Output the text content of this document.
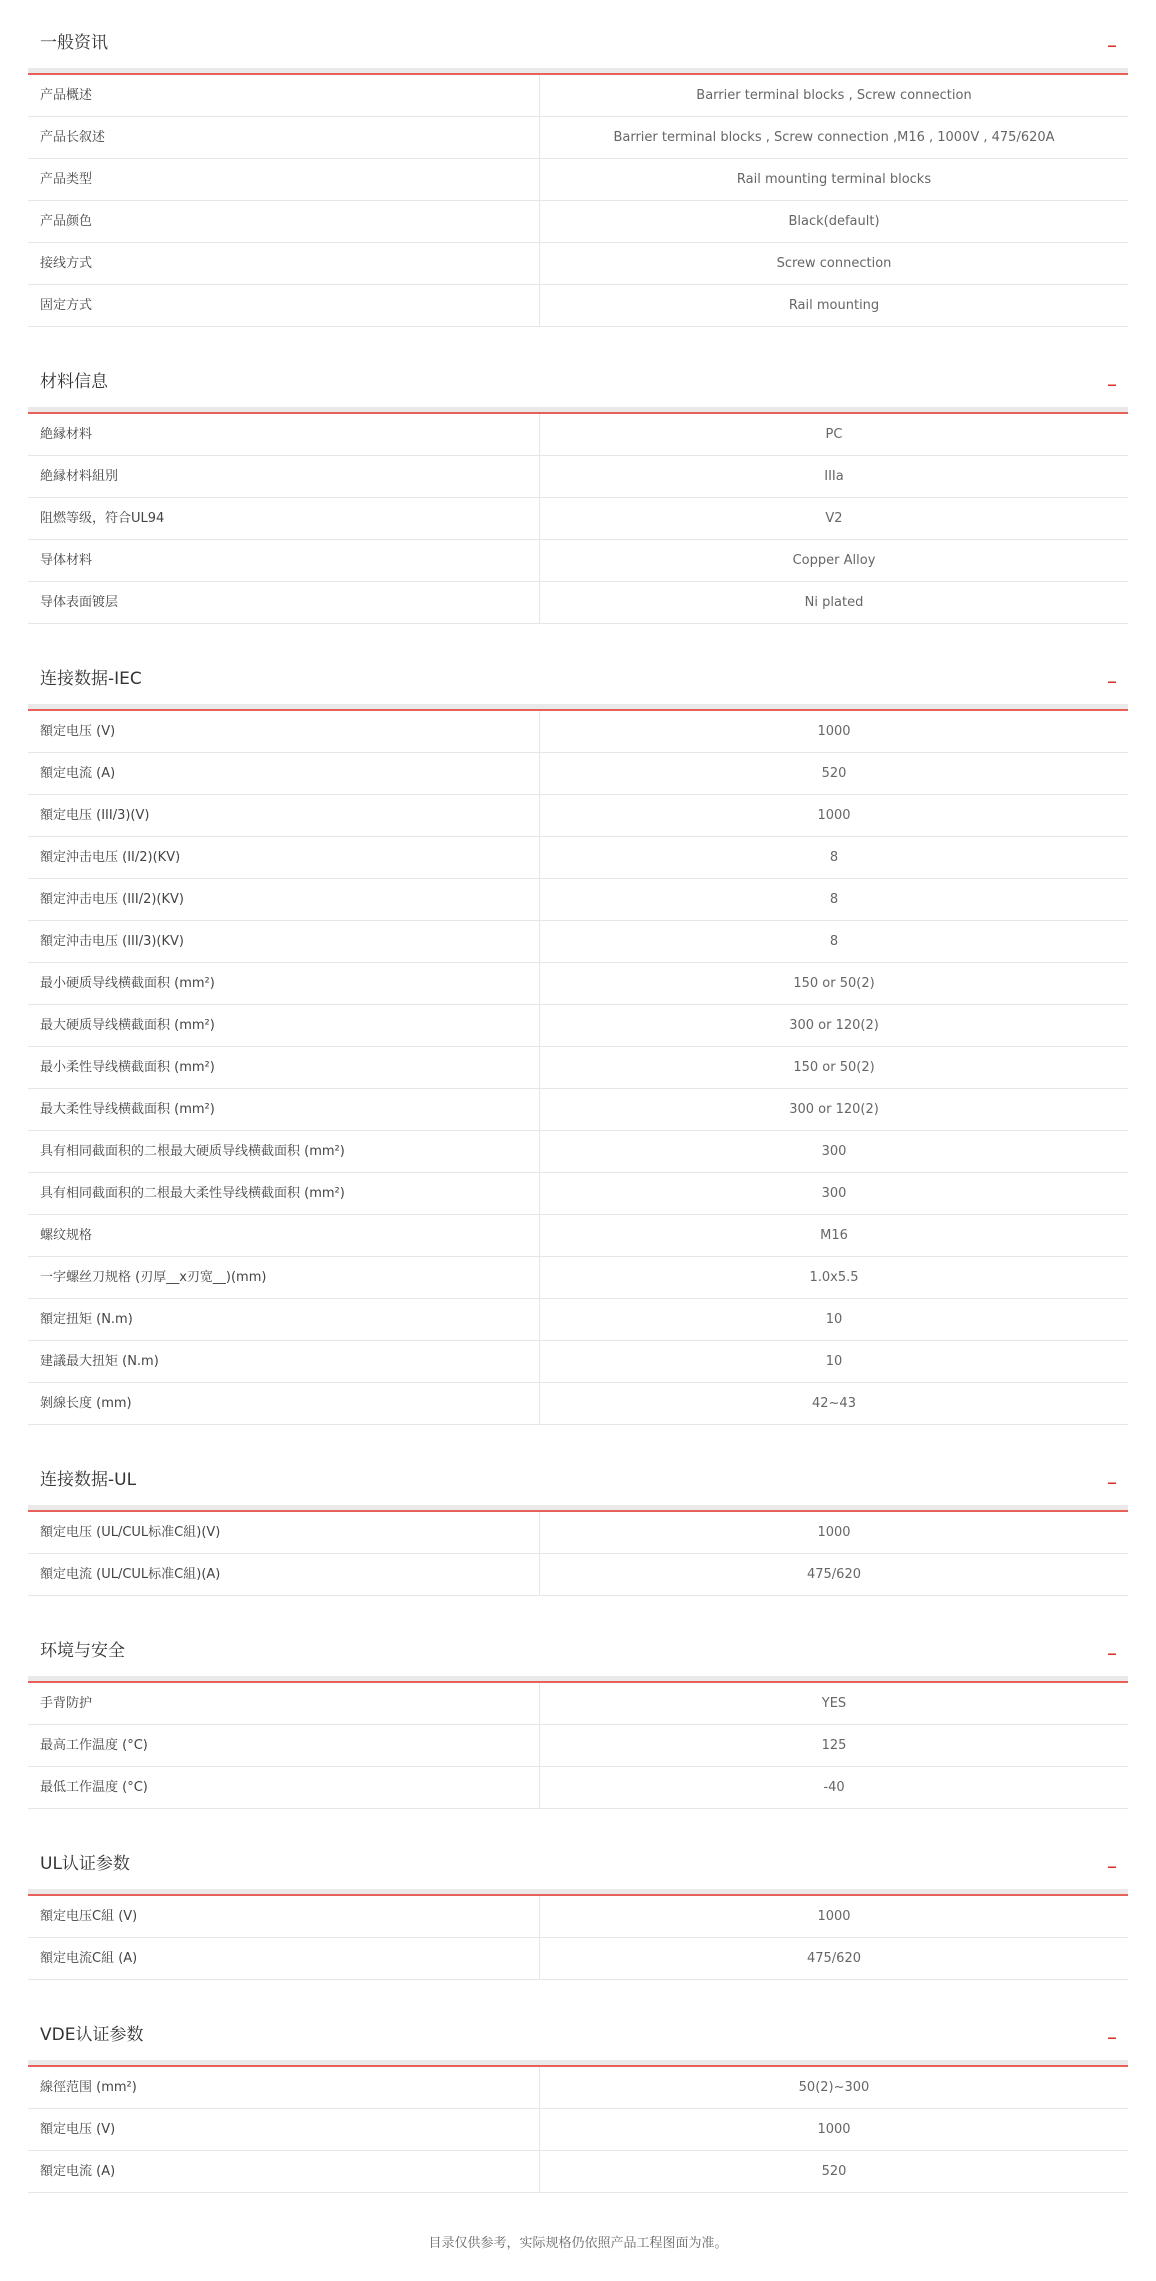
一般资讯	_
产品概述	Barrier terminal blocks , Screw connection
产品长叙述	Barrier terminal blocks , Screw connection ,M16 , 1000V , 475/620A
产品类型	Rail mounting terminal blocks
产品颜色	Black(default)
接线方式	Screw connection
固定方式	Rail mounting
材料信息	_
絶縁材料	PC
絶縁材料組別	IIIa
阻燃等级，符合UL94	V2
导体材料	Copper Alloy
导体表面镀层	Ni plated
连接数据-IEC	_
額定电压 (V)	1000
額定电流 (A)	520
額定电压 (III/3)(V)	1000
額定沖击电压 (II/2)(KV)	8
額定沖击电压 (III/2)(KV)	8
額定沖击电压 (III/3)(KV)	8
最小硬质导线横截面积 (mm²)	150 or 50(2)
最大硬质导线横截面积 (mm²)	300 or 120(2)
最小柔性导线横截面积 (mm²)	150 or 50(2)
最大柔性导线横截面积 (mm²)	300 or 120(2)
具有相同截面积的二根最大硬质导线横截面积 (mm²)	300
具有相同截面积的二根最大柔性导线横截面积 (mm²)	300
螺纹规格	M16
一字螺丝刀规格 (刃厚__x刃宽__)(mm)	1.0x5.5
額定扭矩 (N.m)	10
建議最大扭矩 (N.m)	10
剝線长度 (mm)	42~43
连接数据-UL	_
額定电压 (UL/CUL标准C組)(V)	1000
額定电流 (UL/CUL标准C組)(A)	475/620
环境与安全	_
手背防护	YES
最高工作温度 (°C)	125
最低工作温度 (°C)	-40
UL认证参数	_
額定电压C組 (V)	1000
額定电流C組 (A)	475/620
VDE认证参数	_
線徑范围 (mm²)	50(2)~300
額定电压 (V)	1000
額定电流 (A)	520
目录仅供参考，实际规格仍依照产品工程图面为准。
